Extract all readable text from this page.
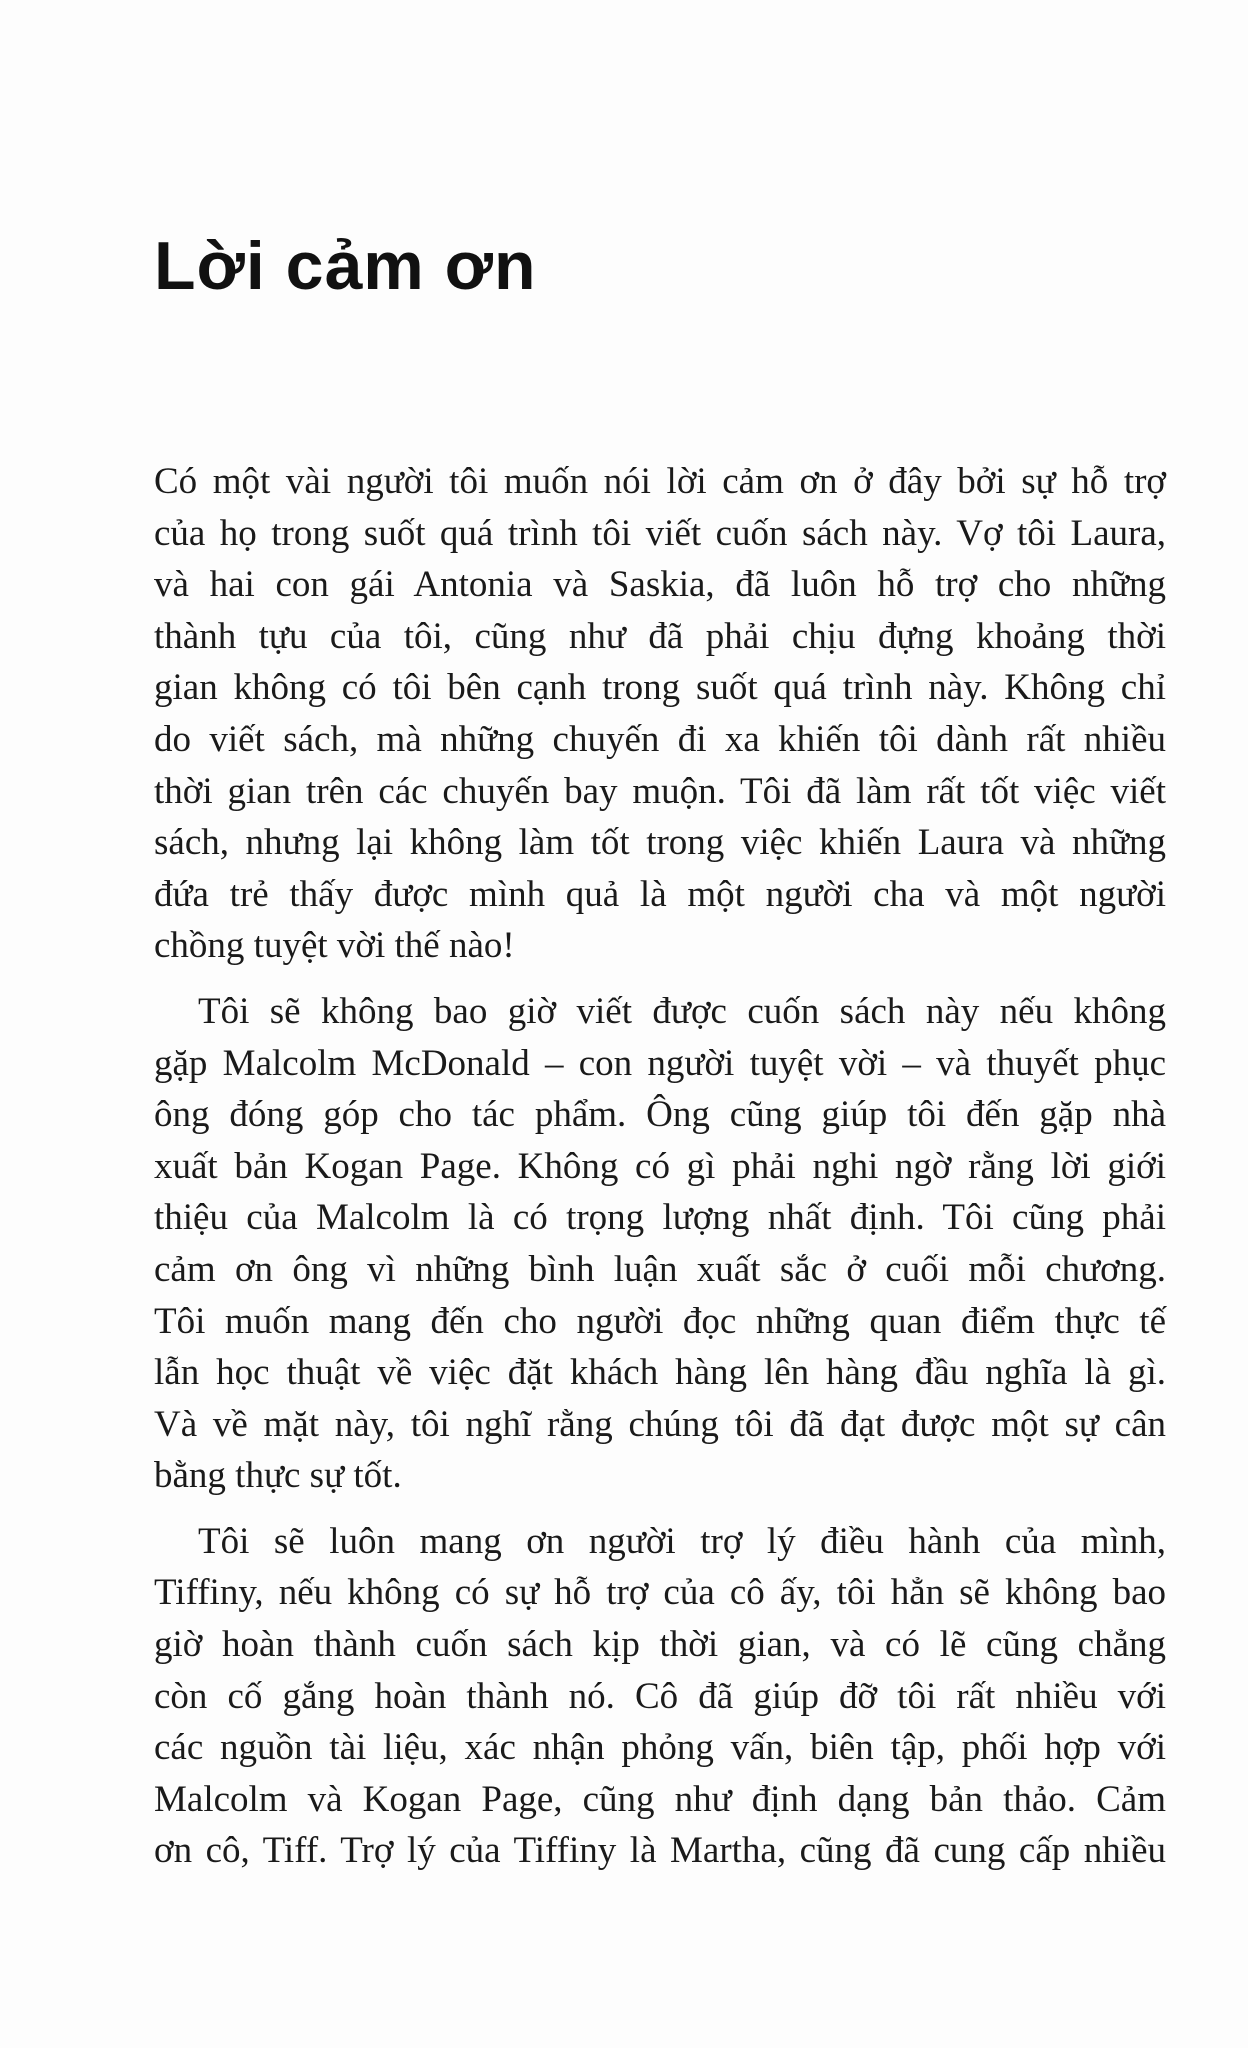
Lời cảm ơn
Có một vài người tôi muốn nói lời cảm ơn ở đây bởi sự hỗ trợ
của họ trong suốt quá trình tôi viết cuốn sách này. Vợ tôi Laura,
và hai con gái Antonia và Saskia, đã luôn hỗ trợ cho những
thành tựu của tôi, cũng như đã phải chịu đựng khoảng thời
gian không có tôi bên cạnh trong suốt quá trình này. Không chỉ
do viết sách, mà những chuyến đi xa khiến tôi dành rất nhiều
thời gian trên các chuyến bay muộn. Tôi đã làm rất tốt việc viết
sách, nhưng lại không làm tốt trong việc khiến Laura và những
đứa trẻ thấy được mình quả là một người cha và một người
chồng tuyệt vời thế nào!
Tôi sẽ không bao giờ viết được cuốn sách này nếu không
gặp Malcolm McDonald – con người tuyệt vời – và thuyết phục
ông đóng góp cho tác phẩm. Ông cũng giúp tôi đến gặp nhà
xuất bản Kogan Page. Không có gì phải nghi ngờ rằng lời giới
thiệu của Malcolm là có trọng lượng nhất định. Tôi cũng phải
cảm ơn ông vì những bình luận xuất sắc ở cuối mỗi chương.
Tôi muốn mang đến cho người đọc những quan điểm thực tế
lẫn học thuật về việc đặt khách hàng lên hàng đầu nghĩa là gì.
Và về mặt này, tôi nghĩ rằng chúng tôi đã đạt được một sự cân
bằng thực sự tốt.
Tôi sẽ luôn mang ơn người trợ lý điều hành của mình,
Tiffiny, nếu không có sự hỗ trợ của cô ấy, tôi hẳn sẽ không bao
giờ hoàn thành cuốn sách kịp thời gian, và có lẽ cũng chẳng
còn cố gắng hoàn thành nó. Cô đã giúp đỡ tôi rất nhiều với
các nguồn tài liệu, xác nhận phỏng vấn, biên tập, phối hợp với
Malcolm và Kogan Page, cũng như định dạng bản thảo. Cảm
ơn cô, Tiff. Trợ lý của Tiffiny là Martha, cũng đã cung cấp nhiều
